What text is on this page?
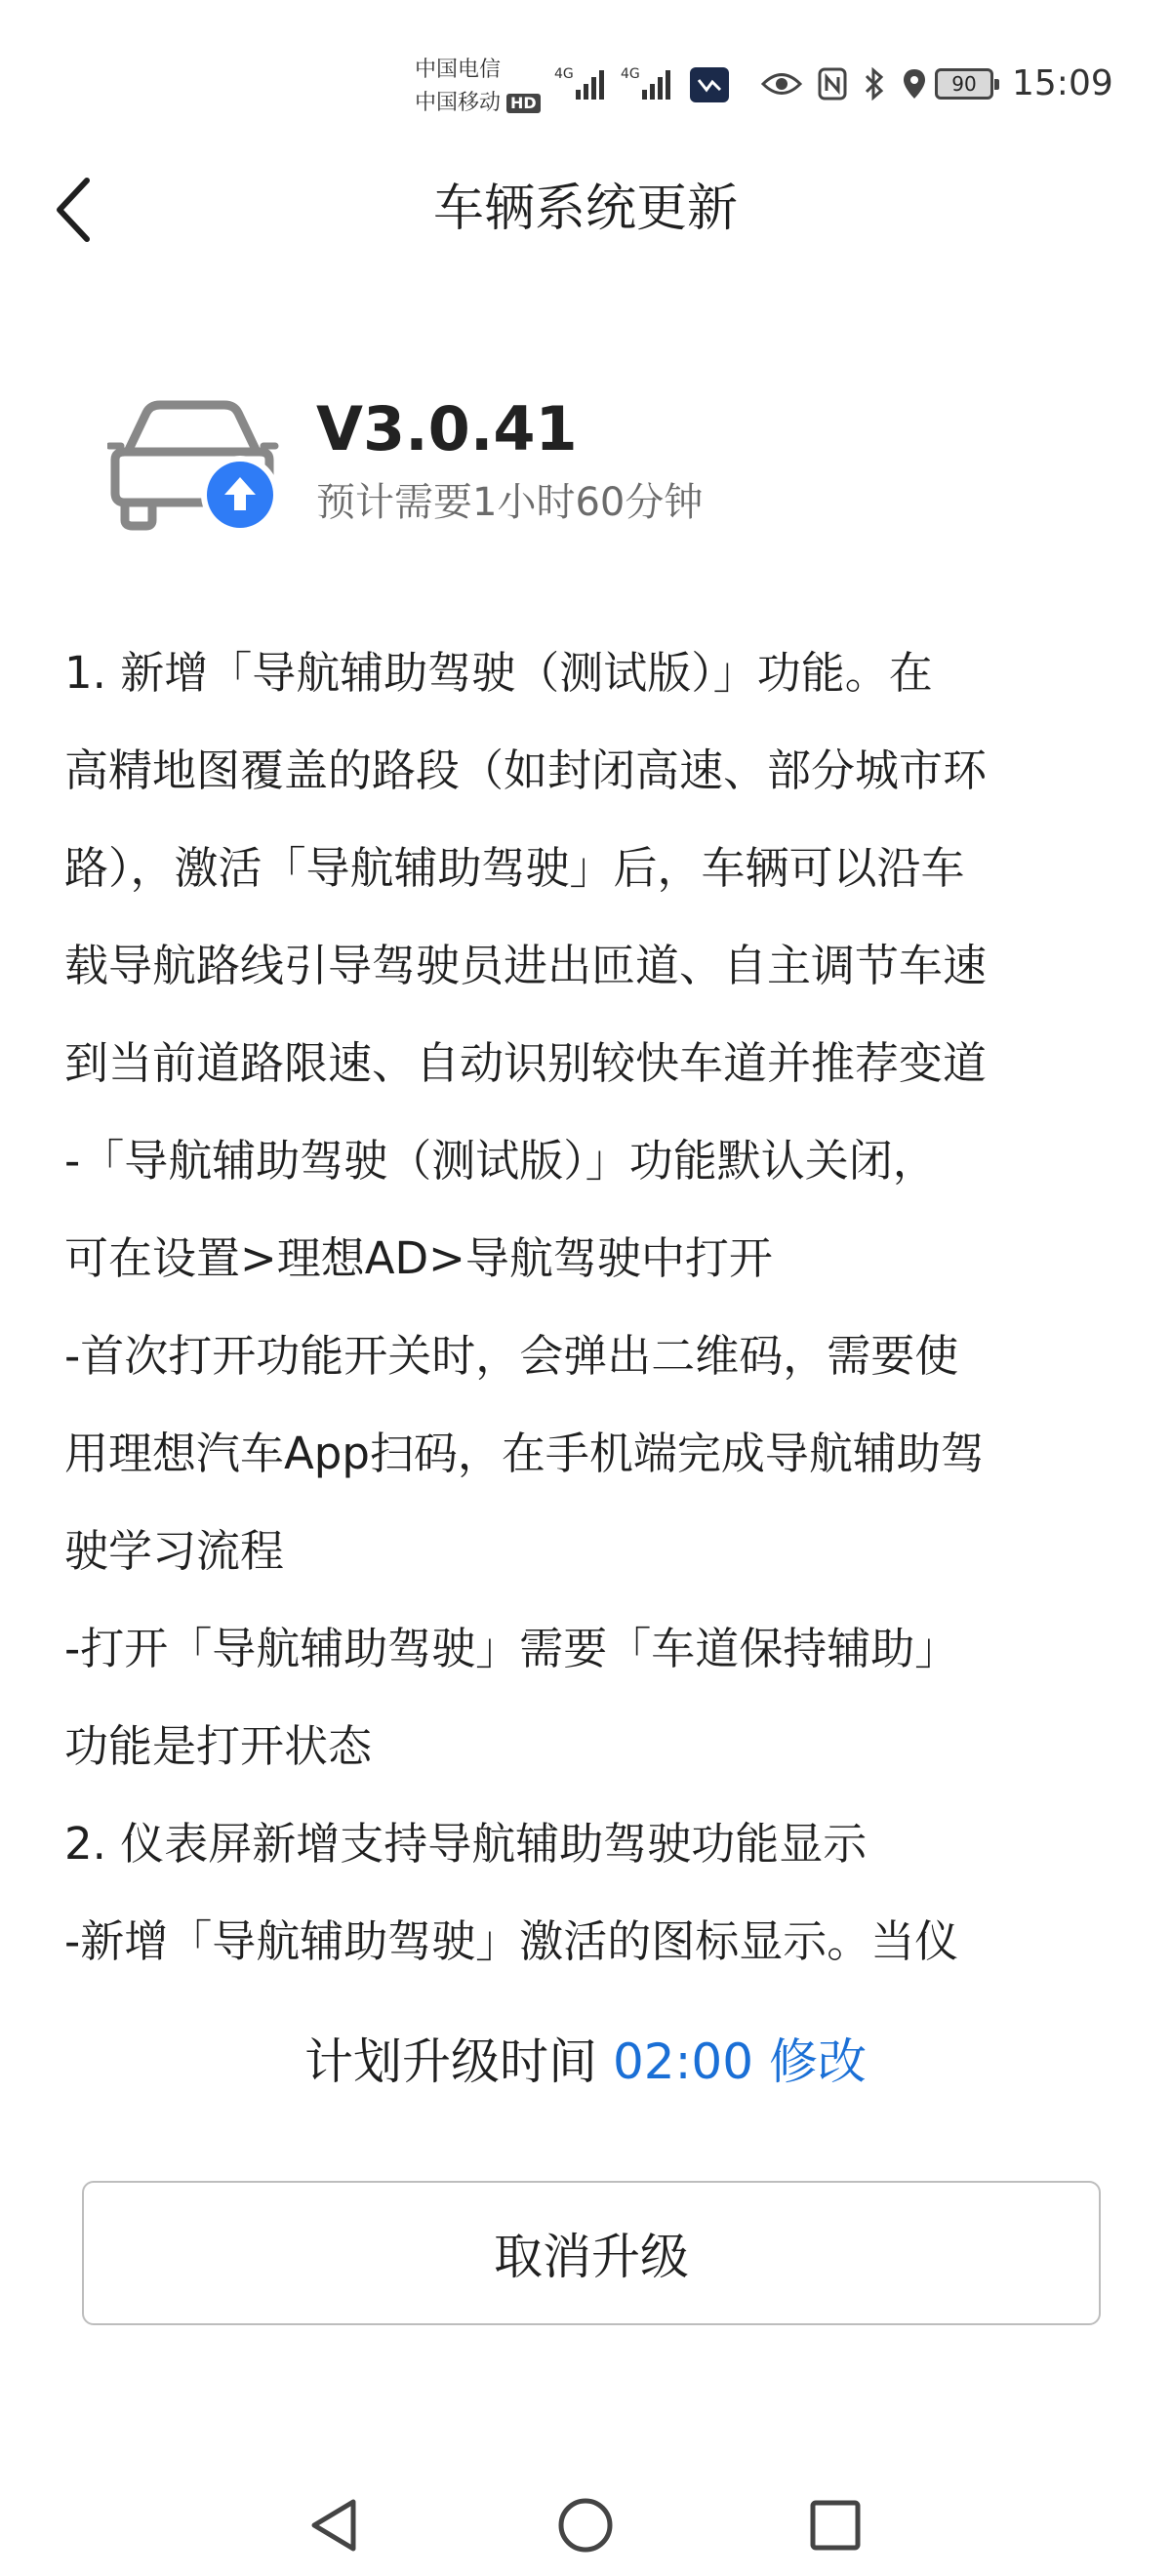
中国电信
中国移动 HD
4G	4G	90	15:09
车辆系统更新
V3.0.41
预计需要1小时60分钟

1. 新增「导航辅助驾驶（测试版）」功能。在

高精地图覆盖的路段（如封闭高速、部分城市环

路），激活「导航辅助驾驶」后，车辆可以沿车

载导航路线引导驾驶员进出匝道、自主调节车速

到当前道路限速、自动识别较快车道并推荐变道

-「导航辅助驾驶（测试版）」功能默认关闭，

可在设置>理想AD>导航驾驶中打开

-首次打开功能开关时，会弹出二维码，需要使

用理想汽车App扫码，在手机端完成导航辅助驾

驶学习流程

-打开「导航辅助驾驶」需要「车道保持辅助」

功能是打开状态

2. 仪表屏新增支持导航辅助驾驶功能显示

-新增「导航辅助驾驶」激活的图标显示。当仪

计划升级时间 02:00 修改
取消升级
